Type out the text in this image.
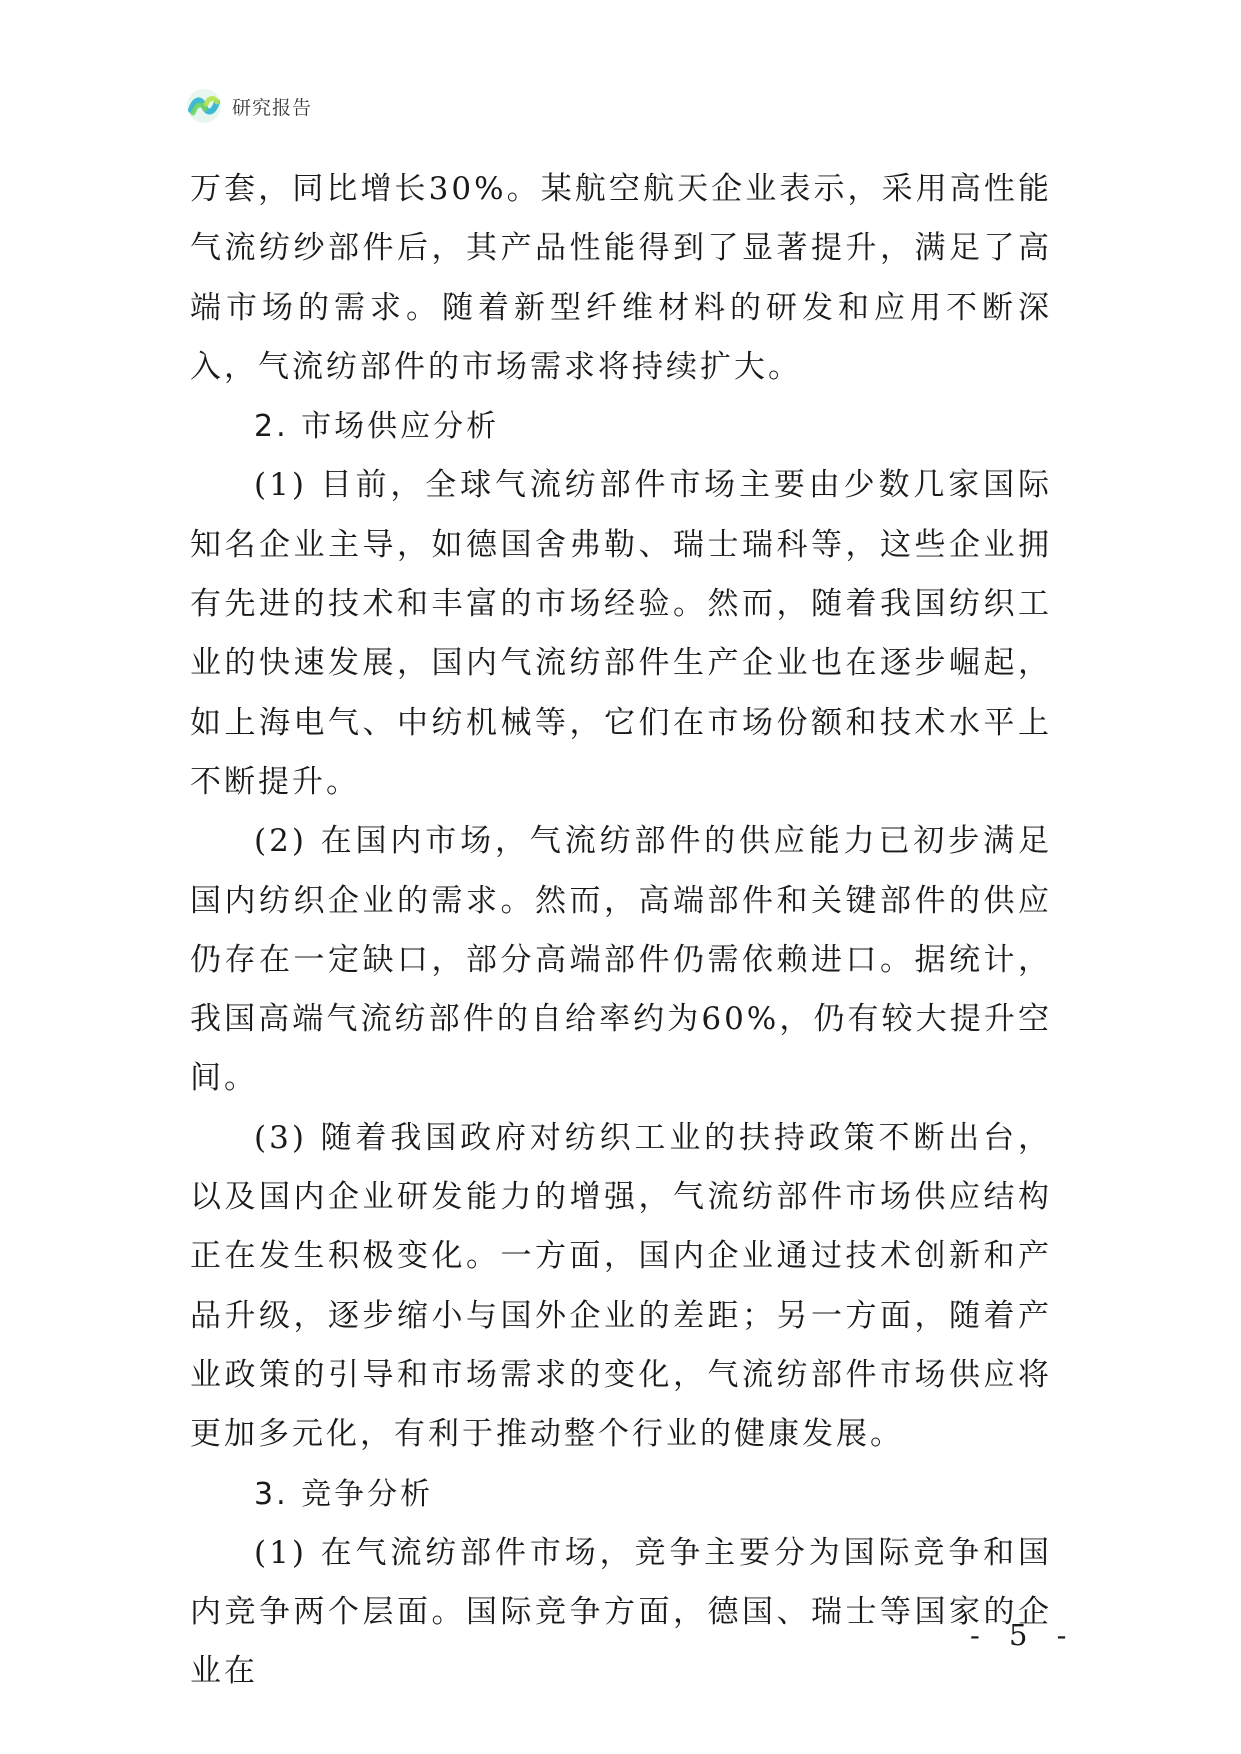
研究报告

万套，同比增长30%。某航空航天企业表示，采用高性能气流纺纱部件后，其产品性能得到了显著提升，满足了高端市场的需求。随着新型纤维材料的研发和应用不断深入，气流纺部件的市场需求将持续扩大。

2. 市场供应分析

(1) 目前，全球气流纺部件市场主要由少数几家国际知名企业主导，如德国舍弗勒、瑞士瑞科等，这些企业拥有先进的技术和丰富的市场经验。然而，随着我国纺织工业的快速发展，国内气流纺部件生产企业也在逐步崛起，如上海电气、中纺机械等，它们在市场份额和技术水平上不断提升。

(2) 在国内市场，气流纺部件的供应能力已初步满足国内纺织企业的需求。然而，高端部件和关键部件的供应仍存在一定缺口，部分高端部件仍需依赖进口。据统计，我国高端气流纺部件的自给率约为60%，仍有较大提升空间。

(3) 随着我国政府对纺织工业的扶持政策不断出台，以及国内企业研发能力的增强，气流纺部件市场供应结构正在发生积极变化。一方面，国内企业通过技术创新和产品升级，逐步缩小与国外企业的差距；另一方面，随着产业政策的引导和市场需求的变化，气流纺部件市场供应将更加多元化，有利于推动整个行业的健康发展。

3. 竞争分析

(1) 在气流纺部件市场，竞争主要分为国际竞争和国内竞争两个层面。国际竞争方面，德国、瑞士等国家的企业在

- 5 -
